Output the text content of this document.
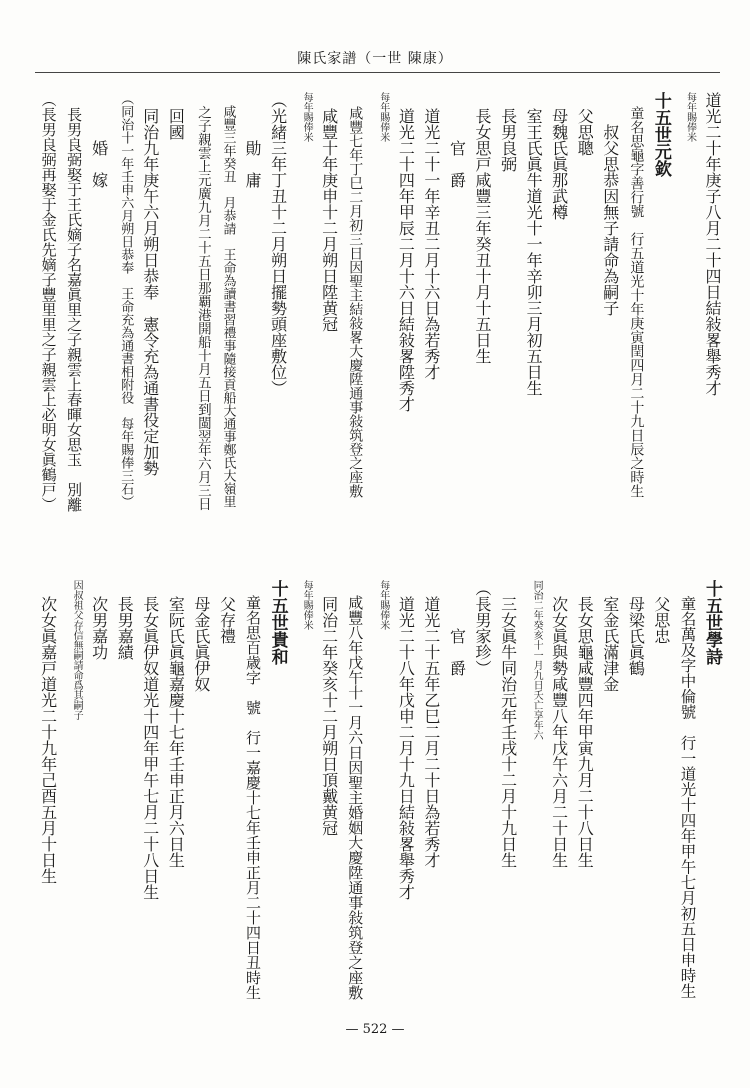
陳氏家譜（一世 陳康）
道光二十年庚子八月二十四日結敍畧舉秀才
每年賜俸米
十五世元欽
　童名思龜字善行號　行五道光十年庚寅閏四月二十九日辰之時生
　　叔父思恭因無子請命為嗣子
　父思聰
　母魏氏眞那武樽
　室王氏眞牛道光十一年辛卯三月初五日生
　長男良弼
　長女思戸咸豐三年癸丑十月十五日生
　　　官　爵
　道光二十一年辛丑二月十六日為若秀才
　道光二十四年甲辰二月十六日結敍畧陞秀才
每年賜俸米
　咸豐七年丁巳二月初三日因聖主結敍畧大慶陞通事敍筑登之座敷
　咸豐十年庚申十二月朔日陞黄冠
每年賜俸米
（光緒三年丁丑十二月朔日擺勢頭座敷位）
　　　勛　庸
　咸豐三年癸丑　月恭請　王命為讀書習禮事隨接貢船大通事鄭氏大嶺里
　之子親雲上元廣九月二十五日那覇港開船十月五日到閩翌年六月三日
　回國
　同治九年庚午六月朔日恭奉　憲令充為通書役定加勢
（同治十一年壬申六月朔日恭奉　王命充為通書相附役　每年賜俸三石）
　　　婚　嫁
　長男良弼娶于王氏嫡子名嘉眞里之子親雲上春暉女思玉　別離
（長男良弼再娶于金氏先嫡子豐里里之子親雲上必明女眞鶴戸）
十五世學詩
　童名萬及字中倫號　行一道光十四年甲午七月初五日申時生
　父思忠
　母梁氏眞鶴
　室金氏滿津金
　長女思龜咸豐四年甲寅九月二十八日生
　次女眞與勢咸豐八年戊午六月二十日生
同治二年癸亥十一月九日夭亡享年六
　三女眞牛同治元年壬戌十二月十九日生
（長男家珍）
　　　官　爵
　道光二十五年乙巳二月二十日為若秀才
　道光二十八年戊申二月十九日結敍畧舉秀才
每年賜俸米
　咸豐八年戊午十一月六日因聖主婚姻大慶陞通事敍筑登之座敷
　同治二年癸亥十二月朔日頂戴黄冠
每年賜俸米
十五世貴和
　童名思百歳字　號　行一嘉慶十七年壬申正月二十四日丑時生
　父存禮
　母金氏眞伊奴
　室阮氏眞龜嘉慶十七年壬申正月六日生
　長女眞伊奴道光十四年甲午七月二十八日生
　長男嘉績
　次男嘉功
因叔祖父存信無嗣請命爲其嗣子
　次女眞嘉戸道光二十九年己酉五月十日生
— 522 —
